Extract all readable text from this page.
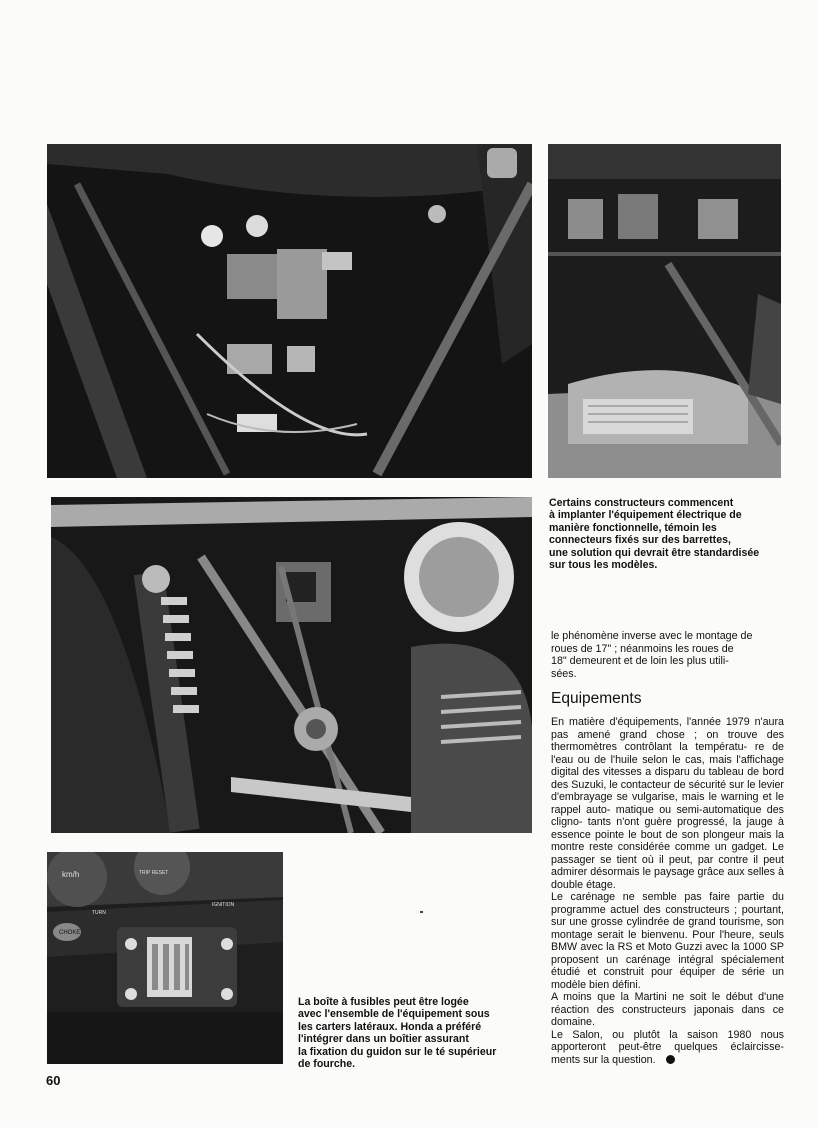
Certains constructeurs commencent

à implanter l'équipement électrique de

manière fonctionnelle, témoin les

connecteurs fixés sur des barrettes,

une solution qui devrait être standardisée

sur tous les modèles.

km/h	TRIP RESET
IGNITION
CHOKE
TURN

La boîte à fusibles peut être logée

avec l'ensemble de l'équipement sous

les carters latéraux. Honda a préféré

l'intégrer dans un boîtier assurant

la fixation du guidon sur le té supérieur

de fourche.

le phénomène inverse avec le montage de

roues de 17" ; néanmoins les roues de

18" demeurent et de loin les plus utili-

sées.

Equipements

En matière d'équipements, l'année 1979 n'aura pas amené grand chose ; on trouve des thermomètres contrôlant la températu- re de l'eau ou de l'huile selon le cas, mais l'affichage digital des vitesses a disparu du tableau de bord des Suzuki, le contacteur de sécurité sur le levier d'embrayage se vulgarise, mais le warning et le rappel auto- matique ou semi-automatique des cligno- tants n'ont guère progressé, la jauge à essence pointe le bout de son plongeur mais la montre reste considérée comme un gadget. Le passager se tient où il peut, par contre il peut admirer désormais le paysage grâce aux selles à double étage.

Le carénage ne semble pas faire partie du programme actuel des constructeurs ; pourtant, sur une grosse cylindrée de grand tourisme, son montage serait le bienvenu. Pour l'heure, seuls BMW avec la RS et Moto Guzzi avec la 1000 SP proposent un carénage intégral spécialement étudié et construit pour équiper de série un modèle bien défini.

A moins que la Martini ne soit le début d'une réaction des constructeurs japonais dans ce domaine.

Le Salon, ou plutôt la saison 1980 nous apporteront peut-être quelques éclaircisse- ments sur la question.

60
